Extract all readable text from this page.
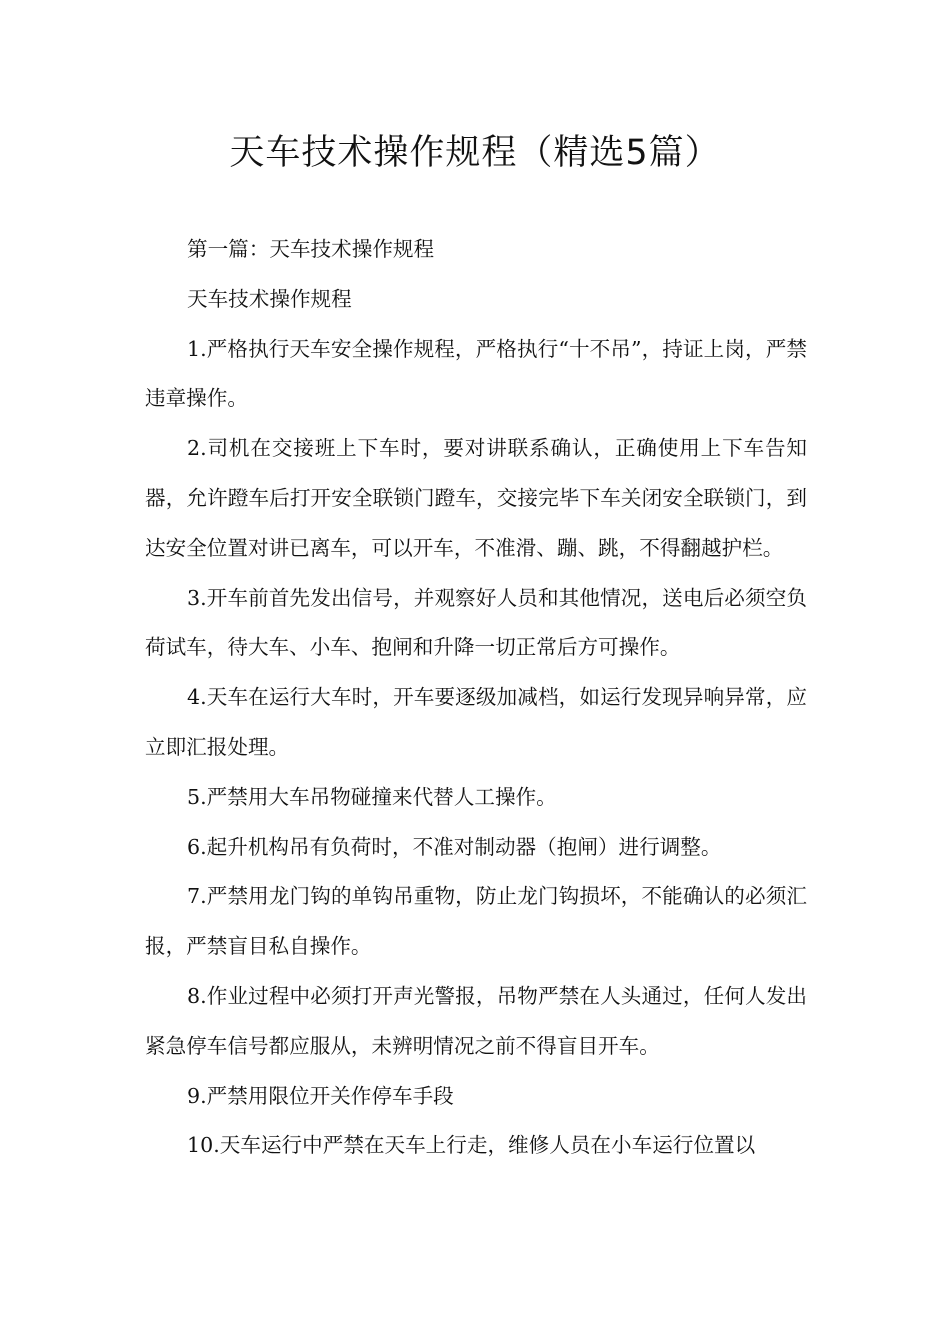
天车技术操作规程（精选5篇）

第一篇：天车技术操作规程

天车技术操作规程

1.严格执行天车安全操作规程，严格执行“十不吊”，持证上岗，严禁违章操作。

2.司机在交接班上下车时，要对讲联系确认，正确使用上下车告知器，允许蹬车后打开安全联锁门蹬车，交接完毕下车关闭安全联锁门，到达安全位置对讲已离车，可以开车，不准滑、蹦、跳，不得翻越护栏。

3.开车前首先发出信号，并观察好人员和其他情况，送电后必须空负荷试车，待大车、小车、抱闸和升降一切正常后方可操作。

4.天车在运行大车时，开车要逐级加减档，如运行发现异响异常，应立即汇报处理。

5.严禁用大车吊物碰撞来代替人工操作。

6.起升机构吊有负荷时，不准对制动器（抱闸）进行调整。

7.严禁用龙门钩的单钩吊重物，防止龙门钩损坏，不能确认的必须汇报，严禁盲目私自操作。

8.作业过程中必须打开声光警报，吊物严禁在人头通过，任何人发出紧急停车信号都应服从，未辨明情况之前不得盲目开车。

9.严禁用限位开关作停车手段

10.天车运行中严禁在天车上行走，维修人员在小车运行位置以
